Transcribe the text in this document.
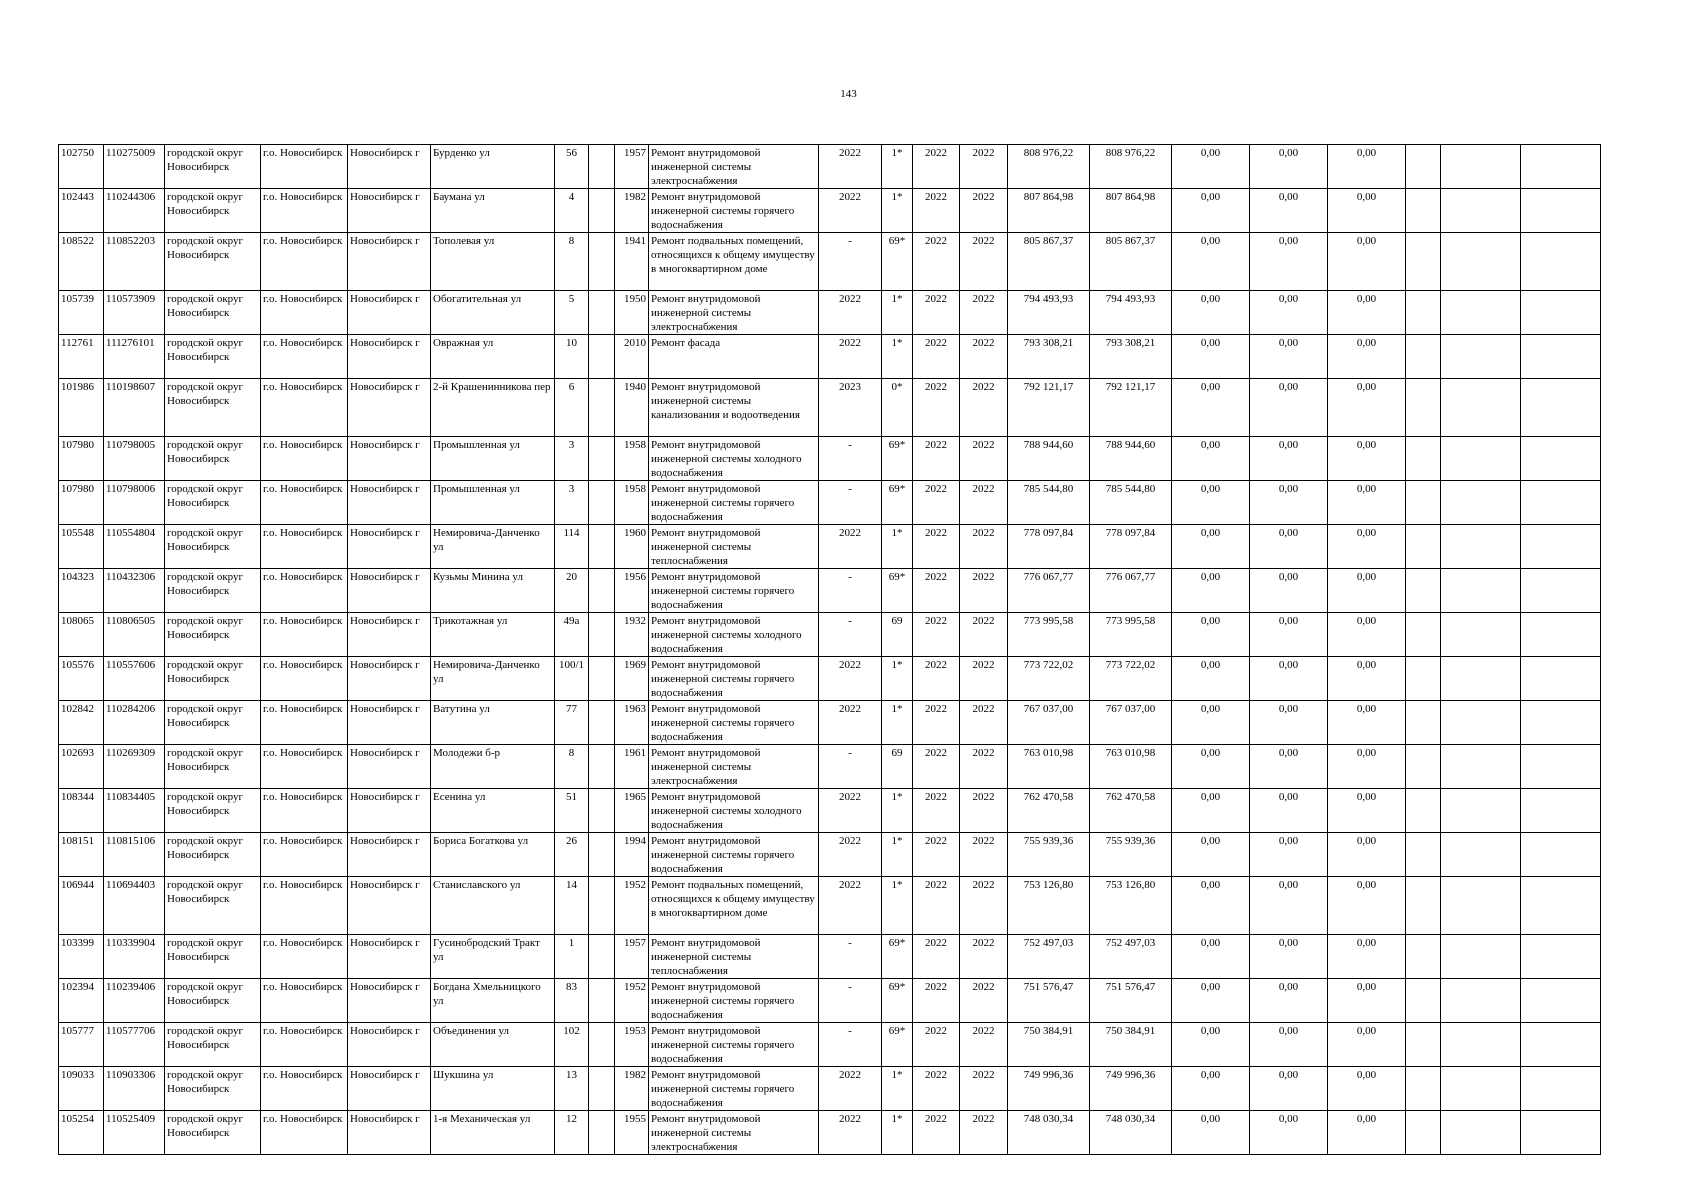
143
102750	110275009	городской округ Новосибирск	г.о. Новосибирск	Новосибирск г	Бурденко ул	56		1957	Ремонт внутридомовой инженерной системы электроснабжения	2022	1*	2022	2022	808 976,22	808 976,22	0,00	0,00	0,00			
102443	110244306	городской округ Новосибирск	г.о. Новосибирск	Новосибирск г	Баумана ул	4		1982	Ремонт внутридомовой инженерной системы горячего водоснабжения	2022	1*	2022	2022	807 864,98	807 864,98	0,00	0,00	0,00			
108522	110852203	городской округ Новосибирск	г.о. Новосибирск	Новосибирск г	Тополевая ул	8		1941	Ремонт подвальных помещений, относящихся к общему имуществу в многоквартирном доме	-	69*	2022	2022	805 867,37	805 867,37	0,00	0,00	0,00			
105739	110573909	городской округ Новосибирск	г.о. Новосибирск	Новосибирск г	Обогатительная ул	5		1950	Ремонт внутридомовой инженерной системы электроснабжения	2022	1*	2022	2022	794 493,93	794 493,93	0,00	0,00	0,00			
112761	111276101	городской округ Новосибирск	г.о. Новосибирск	Новосибирск г	Овражная ул	10		2010	Ремонт фасада	2022	1*	2022	2022	793 308,21	793 308,21	0,00	0,00	0,00			
101986	110198607	городской округ Новосибирск	г.о. Новосибирск	Новосибирск г	2-й Крашенинникова пер	6		1940	Ремонт внутридомовой инженерной системы канализования и водоотведения	2023	0*	2022	2022	792 121,17	792 121,17	0,00	0,00	0,00			
107980	110798005	городской округ Новосибирск	г.о. Новосибирск	Новосибирск г	Промышленная ул	3		1958	Ремонт внутридомовой инженерной системы холодного водоснабжения	-	69*	2022	2022	788 944,60	788 944,60	0,00	0,00	0,00			
107980	110798006	городской округ Новосибирск	г.о. Новосибирск	Новосибирск г	Промышленная ул	3		1958	Ремонт внутридомовой инженерной системы горячего водоснабжения	-	69*	2022	2022	785 544,80	785 544,80	0,00	0,00	0,00			
105548	110554804	городской округ Новосибирск	г.о. Новосибирск	Новосибирск г	Немировича-Данченко ул	114		1960	Ремонт внутридомовой инженерной системы теплоснабжения	2022	1*	2022	2022	778 097,84	778 097,84	0,00	0,00	0,00			
104323	110432306	городской округ Новосибирск	г.о. Новосибирск	Новосибирск г	Кузьмы Минина ул	20		1956	Ремонт внутридомовой инженерной системы горячего водоснабжения	-	69*	2022	2022	776 067,77	776 067,77	0,00	0,00	0,00			
108065	110806505	городской округ Новосибирск	г.о. Новосибирск	Новосибирск г	Трикотажная ул	49а		1932	Ремонт внутридомовой инженерной системы холодного водоснабжения	-	69	2022	2022	773 995,58	773 995,58	0,00	0,00	0,00			
105576	110557606	городской округ Новосибирск	г.о. Новосибирск	Новосибирск г	Немировича-Данченко ул	100/1		1969	Ремонт внутридомовой инженерной системы горячего водоснабжения	2022	1*	2022	2022	773 722,02	773 722,02	0,00	0,00	0,00			
102842	110284206	городской округ Новосибирск	г.о. Новосибирск	Новосибирск г	Ватутина ул	77		1963	Ремонт внутридомовой инженерной системы горячего водоснабжения	2022	1*	2022	2022	767 037,00	767 037,00	0,00	0,00	0,00			
102693	110269309	городской округ Новосибирск	г.о. Новосибирск	Новосибирск г	Молодежи б-р	8		1961	Ремонт внутридомовой инженерной системы электроснабжения	-	69	2022	2022	763 010,98	763 010,98	0,00	0,00	0,00			
108344	110834405	городской округ Новосибирск	г.о. Новосибирск	Новосибирск г	Есенина ул	51		1965	Ремонт внутридомовой инженерной системы холодного водоснабжения	2022	1*	2022	2022	762 470,58	762 470,58	0,00	0,00	0,00			
108151	110815106	городской округ Новосибирск	г.о. Новосибирск	Новосибирск г	Бориса Богаткова ул	26		1994	Ремонт внутридомовой инженерной системы горячего водоснабжения	2022	1*	2022	2022	755 939,36	755 939,36	0,00	0,00	0,00			
106944	110694403	городской округ Новосибирск	г.о. Новосибирск	Новосибирск г	Станиславского ул	14		1952	Ремонт подвальных помещений, относящихся к общему имуществу в многоквартирном доме	2022	1*	2022	2022	753 126,80	753 126,80	0,00	0,00	0,00			
103399	110339904	городской округ Новосибирск	г.о. Новосибирск	Новосибирск г	Гусинобродский Тракт ул	1		1957	Ремонт внутридомовой инженерной системы теплоснабжения	-	69*	2022	2022	752 497,03	752 497,03	0,00	0,00	0,00			
102394	110239406	городской округ Новосибирск	г.о. Новосибирск	Новосибирск г	Богдана Хмельницкого ул	83		1952	Ремонт внутридомовой инженерной системы горячего водоснабжения	-	69*	2022	2022	751 576,47	751 576,47	0,00	0,00	0,00			
105777	110577706	городской округ Новосибирск	г.о. Новосибирск	Новосибирск г	Объединения ул	102		1953	Ремонт внутридомовой инженерной системы горячего водоснабжения	-	69*	2022	2022	750 384,91	750 384,91	0,00	0,00	0,00			
109033	110903306	городской округ Новосибирск	г.о. Новосибирск	Новосибирск г	Шукшина ул	13		1982	Ремонт внутридомовой инженерной системы горячего водоснабжения	2022	1*	2022	2022	749 996,36	749 996,36	0,00	0,00	0,00			
105254	110525409	городской округ Новосибирск	г.о. Новосибирск	Новосибирск г	1-я Механическая ул	12		1955	Ремонт внутридомовой инженерной системы электроснабжения	2022	1*	2022	2022	748 030,34	748 030,34	0,00	0,00	0,00			
